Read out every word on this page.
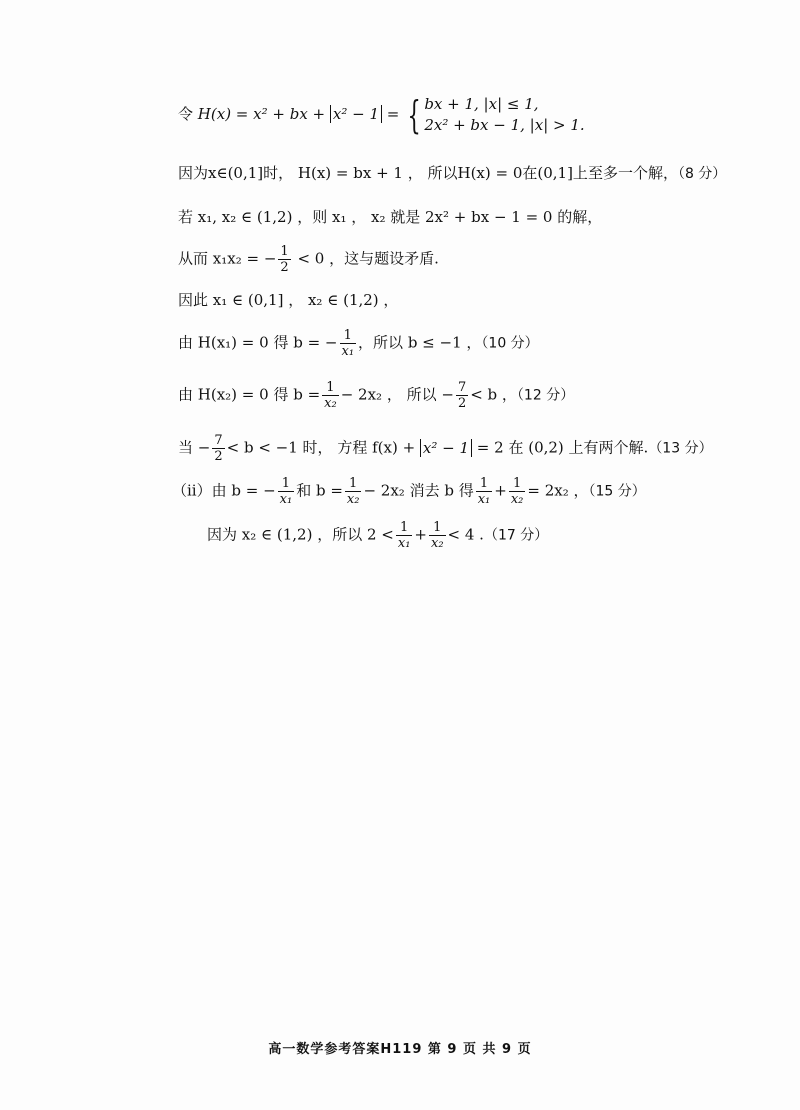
令 H(x) = x² + bx + x² − 1 = { bx + 1, |x| ≤ 1,
2x² + bx − 1, |x| > 1.
因为x∈(0,1]时， H(x) = bx + 1 ， 所以H(x) = 0在(0,1]上至多一个解，（8 分）
若 x₁, x₂ ∈ (1,2) ，则 x₁ ， x₂ 就是 2x² + bx − 1 = 0 的解，
从而 x₁x₂ = − $\frac{1}{2} < 0$ ，这与题设矛盾.
因此 x₁ ∈ (0,1] ， x₂ ∈ (1,2) ，
由 H(x₁) = 0 得 b = − $\frac{1}{\text{x₁}}$ ，所以 b ≤ −1 ，（10 分）
由 H(x₂) = 0 得 $b = \frac{1}{\text{x₂}} - 2x_2$ ， 所以 − $\frac{7}{2} < b$ ，（12 分）
当 − $\frac{7}{2} < b < -1$ 时， 方程 f(x) + x² − 1 = 2 在 (0,2) 上有两个解.（13 分）
（ii）由 b = − $\frac{1}{\text{x₁}}$ 和 $b = \frac{1}{\text{x₂}} - 2x_2$ 消去 b 得 $\frac{1}{\text{x₁}} + \frac{1}{\text{x₂}} = 2x_2$ ，（15 分）
因为 x₂ ∈ (1,2) ，所以 $2 < \frac{1}{\text{x₁}} + \frac{1}{\text{x₂}} < 4$ .（17 分）
高一数学参考答案H119 第 9 页 共 9 页
